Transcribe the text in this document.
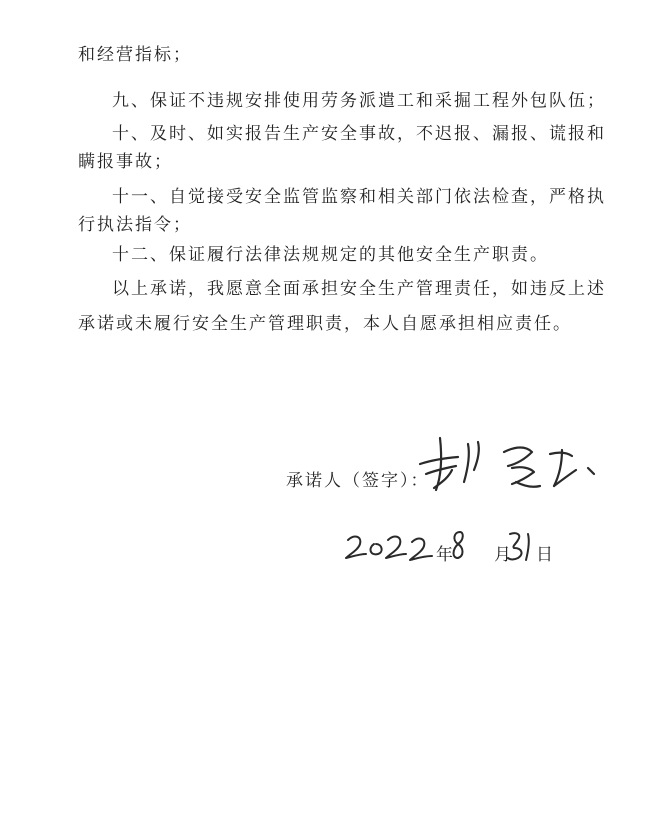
和经营指标；
九、保证不违规安排使用劳务派遣工和采掘工程外包队伍；
十、及时、如实报告生产安全事故，不迟报、漏报、谎报和
瞒报事故；
十一、自觉接受安全监管监察和相关部门依法检查，严格执
行执法指令；
十二、保证履行法律法规规定的其他安全生产职责。
以上承诺，我愿意全面承担安全生产管理责任，如违反上述
承诺或未履行安全生产管理职责，本人自愿承担相应责任。
承诺人（签字）：
年 月 日
